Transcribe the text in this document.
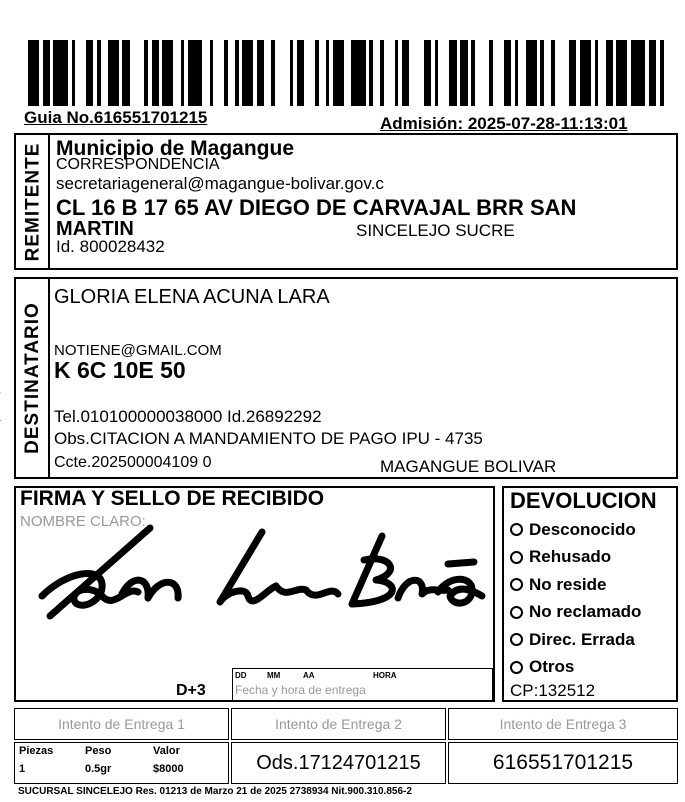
Guia No.616551701215	Admisión: 2025-07-28-11:13:01
REMITENTE Municipio de Magangue
CORRESPONDENCIA
secretariageneral@magangue-bolivar.gov.c
CL 16 B 17 65 AV DIEGO DE CARVAJAL BRR SAN
MARTIN	SINCELEJO SUCRE
Id. 800028432
DESTINATARIO
GLORIA ELENA ACUNA LARA
NOTIENE@GMAIL.COM
K 6C 10E 50
Tel.010100000038000 Id.26892292
Obs.CITACION A MANDAMIENTO DE PAGO IPU - 4735
Ccte.202500004109 0	MAGANGUE BOLIVAR
FIRMA Y SELLO DE RECIBIDO
NOMBRE CLARO:
D+3
DD	MM	AA	HORA
Fecha y hora de entrega
DEVOLUCION
Desconocido
Rehusado
No reside
No reclamado
Direc. Errada
Otros
CP:132512
Intento de Entrega 1	Intento de Entrega 2	Intento de Entrega 3
Piezas	Peso	Valor
1	0.5gr	$8000	Ods.17124701215	616551701215
SUCURSAL SINCELEJO Res. 01213 de Marzo 21 de 2025 2738934 Nit.900.310.856-2
